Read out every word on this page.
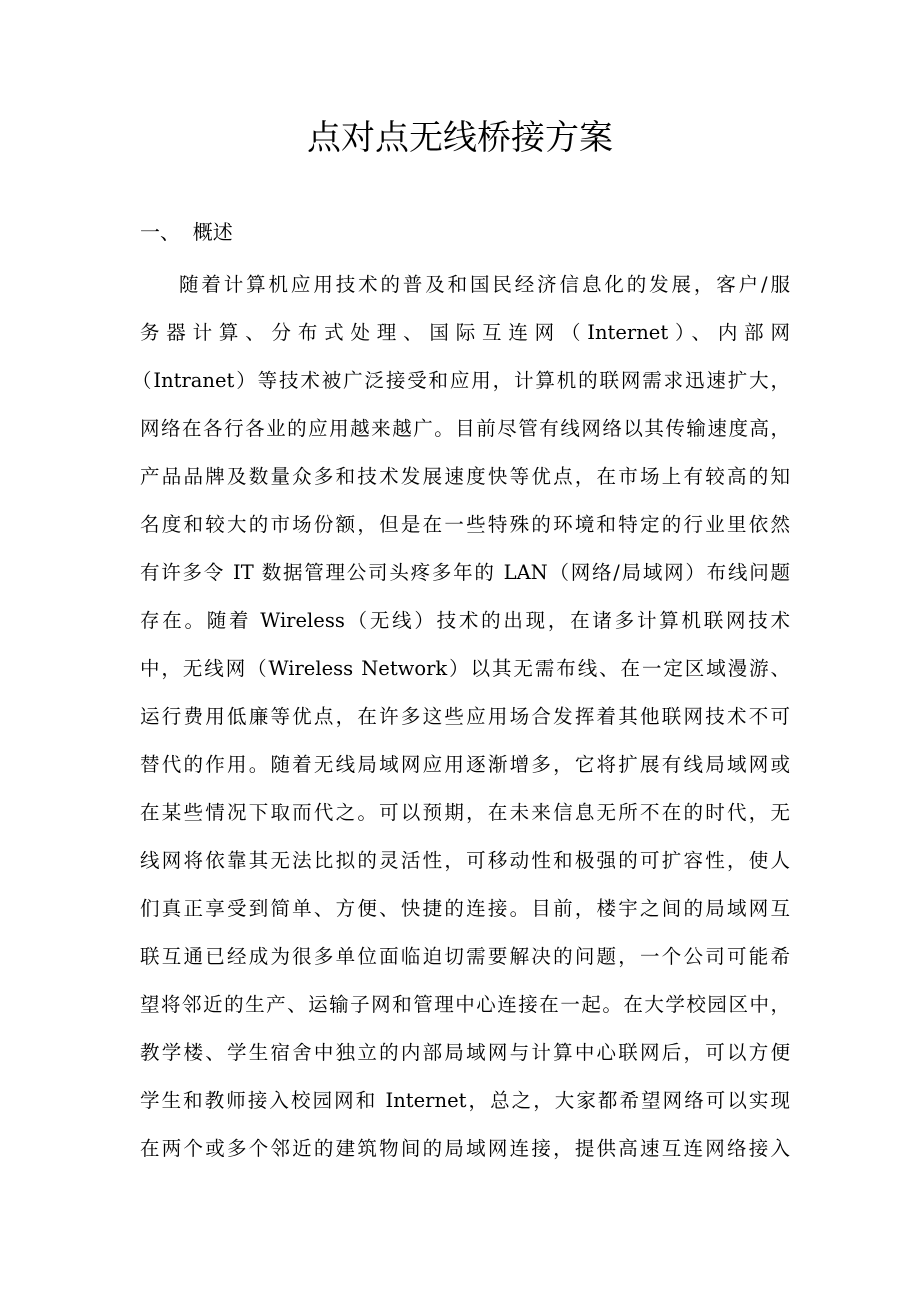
点对点无线桥接方案
一、  概述
随着计算机应用技术的普及和国民经济信息化的发展，客户/服
务器计算、分布式处理、国际互连网（Internet）、内部网
（Intranet）等技术被广泛接受和应用，计算机的联网需求迅速扩大，
网络在各行各业的应用越来越广。目前尽管有线网络以其传输速度高，
产品品牌及数量众多和技术发展速度快等优点，在市场上有较高的知
名度和较大的市场份额，但是在一些特殊的环境和特定的行业里依然
有许多令 IT 数据管理公司头疼多年的 LAN（网络/局域网）布线问题
存在。随着 Wireless（无线）技术的出现，在诸多计算机联网技术
中，无线网（Wireless Network）以其无需布线、在一定区域漫游、
运行费用低廉等优点，在许多这些应用场合发挥着其他联网技术不可
替代的作用。随着无线局域网应用逐渐增多，它将扩展有线局域网或
在某些情况下取而代之。可以预期，在未来信息无所不在的时代，无
线网将依靠其无法比拟的灵活性，可移动性和极强的可扩容性，使人
们真正享受到简单、方便、快捷的连接。目前，楼宇之间的局域网互
联互通已经成为很多单位面临迫切需要解决的问题，一个公司可能希
望将邻近的生产、运输子网和管理中心连接在一起。在大学校园区中，
教学楼、学生宿舍中独立的内部局域网与计算中心联网后，可以方便
学生和教师接入校园网和 Internet，总之，大家都希望网络可以实现
在两个或多个邻近的建筑物间的局域网连接，提供高速互连网络接入
